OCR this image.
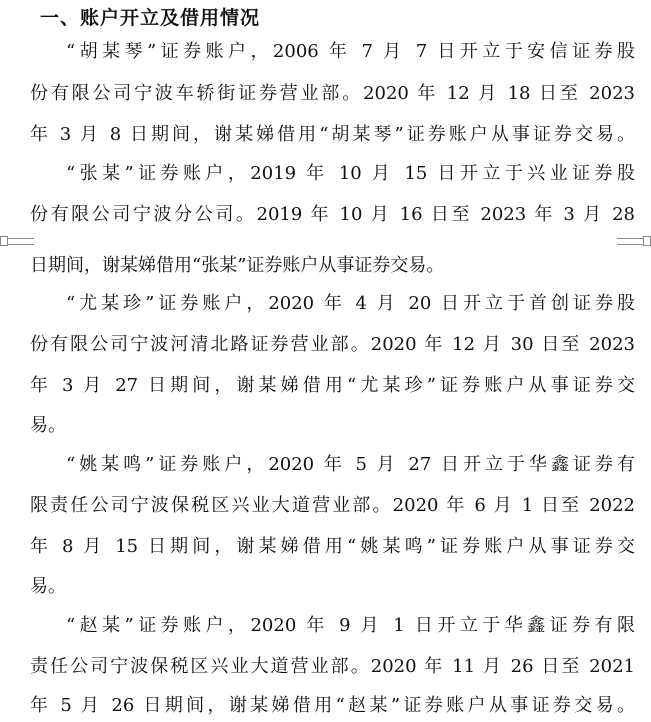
一、账户开立及借用情况
“胡某琴”证券账户，2006 年 7 月 7 日开立于安信证券股
份有限公司宁波车轿街证券营业部。2020 年 12 月 18 日至 2023
年 3 月 8 日期间，谢某娣借用“胡某琴”证券账户从事证券交易。
“张某”证券账户，2019 年 10 月 15 日开立于兴业证券股
份有限公司宁波分公司。2019 年 10 月 16 日至 2023 年 3 月 28
日期间，谢某娣借用“张某”证券账户从事证券交易。
“尤某珍”证券账户，2020 年 4 月 20 日开立于首创证券股
份有限公司宁波河清北路证券营业部。2020 年 12 月 30 日至 2023
年 3 月 27 日期间，谢某娣借用“尤某珍”证券账户从事证券交
易。
“姚某鸣”证券账户，2020 年 5 月 27 日开立于华鑫证券有
限责任公司宁波保税区兴业大道营业部。2020 年 6 月 1 日至 2022
年 8 月 15 日期间，谢某娣借用“姚某鸣”证券账户从事证券交
易。
“赵某”证券账户，2020 年 9 月 1 日开立于华鑫证券有限
责任公司宁波保税区兴业大道营业部。2020 年 11 月 26 日至 2021
年 5 月 26 日期间，谢某娣借用“赵某”证券账户从事证券交易。
